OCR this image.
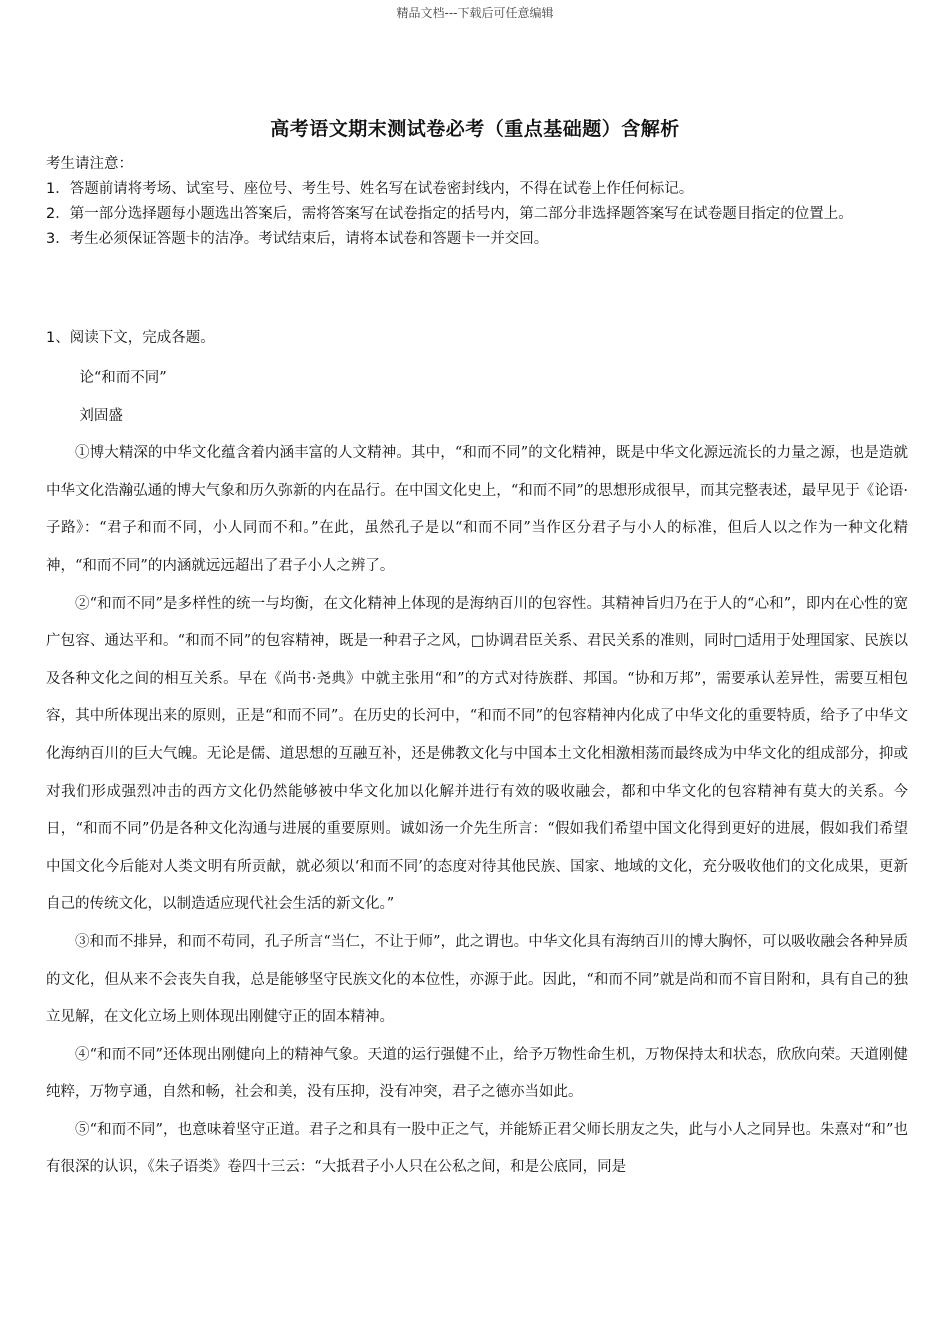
精品文档---下载后可任意编辑
高考语文期末测试卷必考（重点基础题）含解析
考生请注意：
1．答题前请将考场、试室号、座位号、考生号、姓名写在试卷密封线内，不得在试卷上作任何标记。
2．第一部分选择题每小题选出答案后，需将答案写在试卷指定的括号内，第二部分非选择题答案写在试卷题目指定的位置上。
3．考生必须保证答题卡的洁净。考试结束后，请将本试卷和答题卡一并交回。
1、阅读下文，完成各题。

论“和而不同”

刘固盛

①博大精深的中华文化蕴含着内涵丰富的人文精神。其中，“和而不同”的文化精神，既是中华文化源远流长的力量之源，也是造就中华文化浩瀚弘通的博大气象和历久弥新的内在品行。在中国文化史上，“和而不同”的思想形成很早，而其完整表述，最早见于《论语·子路》：“君子和而不同，小人同而不和。”在此，虽然孔子是以“和而不同”当作区分君子与小人的标准，但后人以之作为一种文化精神，“和而不同”的内涵就远远超出了君子小人之辨了。

②“和而不同”是多样性的统一与均衡，在文化精神上体现的是海纳百川的包容性。其精神旨归乃在于人的“心和”，即内在心性的宽广包容、通达平和。“和而不同”的包容精神，既是一种君子之风，□协调君臣关系、君民关系的准则，同时□适用于处理国家、民族以及各种文化之间的相互关系。早在《尚书·尧典》中就主张用“和”的方式对待族群、邦国。“协和万邦”，需要承认差异性，需要互相包容，其中所体现出来的原则，正是“和而不同”。在历史的长河中，“和而不同”的包容精神内化成了中华文化的重要特质，给予了中华文化海纳百川的巨大气魄。无论是儒、道思想的互融互补，还是佛教文化与中国本土文化相激相荡而最终成为中华文化的组成部分，抑或对我们形成强烈冲击的西方文化仍然能够被中华文化加以化解并进行有效的吸收融会，都和中华文化的包容精神有莫大的关系。今日，“和而不同”仍是各种文化沟通与进展的重要原则。诚如汤一介先生所言：“假如我们希望中国文化得到更好的进展，假如我们希望中国文化今后能对人类文明有所贡献，就必须以‘和而不同’的态度对待其他民族、国家、地域的文化，充分吸收他们的文化成果，更新自己的传统文化，以制造适应现代社会生活的新文化。”

③和而不排异，和而不苟同，孔子所言“当仁，不让于师”，此之谓也。中华文化具有海纳百川的博大胸怀，可以吸收融会各种异质的文化，但从来不会丧失自我，总是能够坚守民族文化的本位性，亦源于此。因此，“和而不同”就是尚和而不盲目附和，具有自己的独立见解，在文化立场上则体现出刚健守正的固本精神。

④“和而不同”还体现出刚健向上的精神气象。天道的运行强健不止，给予万物性命生机，万物保持太和状态，欣欣向荣。天道刚健纯粹，万物亨通，自然和畅，社会和美，没有压抑，没有冲突，君子之德亦当如此。

⑤“和而不同”，也意味着坚守正道。君子之和具有一股中正之气，并能矫正君父师长朋友之失，此与小人之同异也。朱熹对“和”也有很深的认识，《朱子语类》卷四十三云：“大抵君子小人只在公私之间，和是公底同，同是
